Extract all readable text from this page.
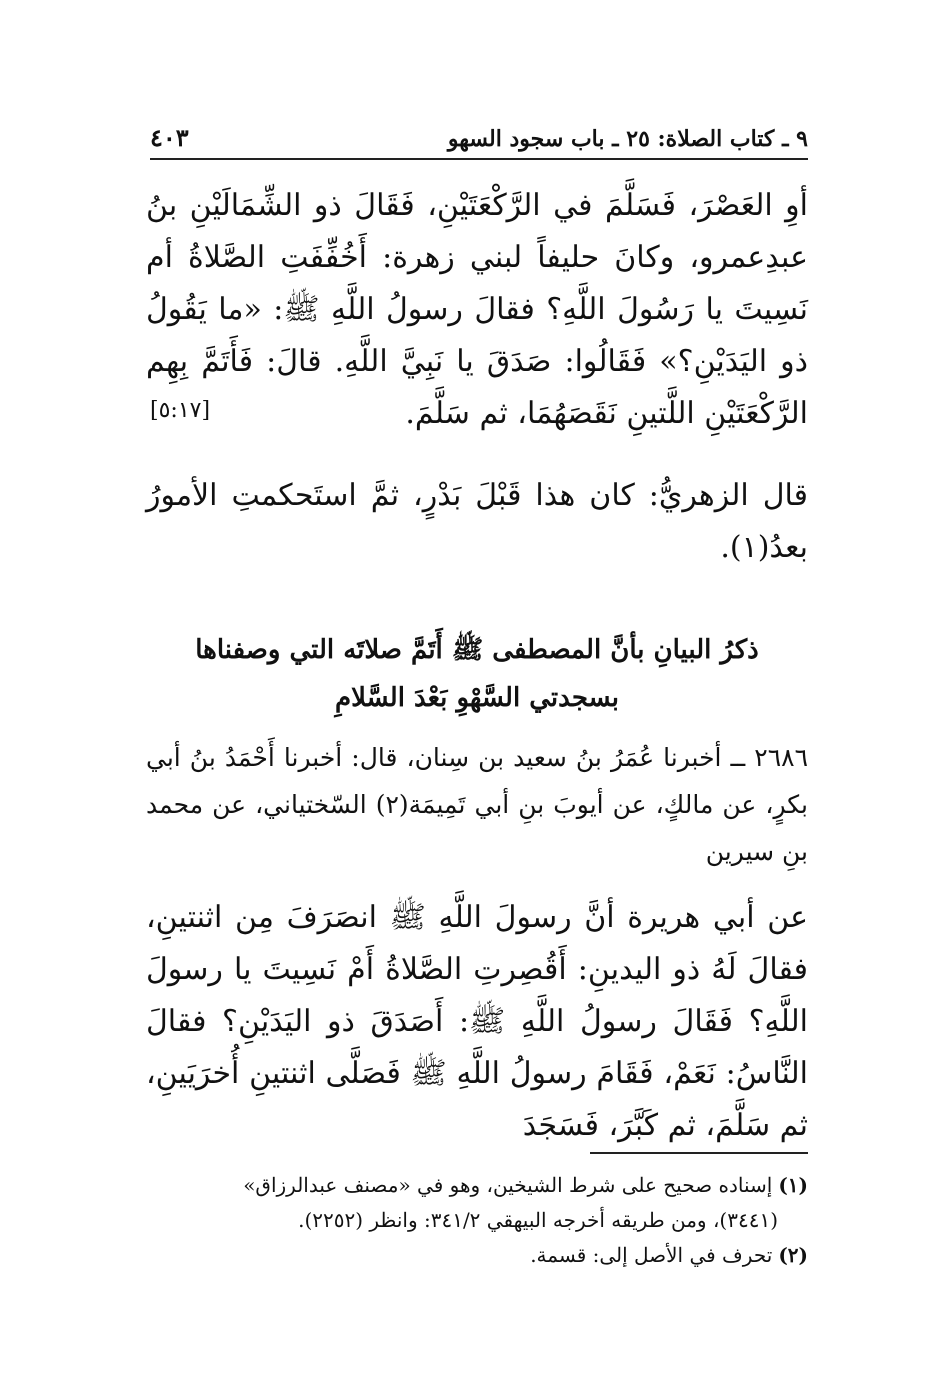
٤٠٣	٩ ـ كتاب الصلاة: ٢٥ ـ باب سجود السهو
أوِ العَصْرَ، فَسَلَّمَ في الرَّكْعَتَيْنِ، فَقَالَ ذو الشِّمَالَيْنِ بنُ عبدِعمرو، وكانَ حليفاً لبني زهرة: أَخُفِّفَتِ الصَّلاةُ أم نَسِيتَ يا رَسُولَ اللَّهِ؟ فقالَ رسولُ اللَّهِ ﷺ: «ما يَقُولُ ذو اليَدَيْنِ؟» فَقَالُوا: صَدَقَ يا نَبِيَّ اللَّهِ. قالَ: فَأَتَمَّ بِهِم الرَّكْعَتَيْنِ اللَّتينِ نَقَصَهُمَا، ثم سَلَّمَ.
[٥:١٧]
قال الزهريُّ: كان هذا قَبْلَ بَدْرٍ، ثمَّ استَحكمتِ الأمورُ بعدُ(١).
ذكرُ البيانِ بأنَّ المصطفى ﷺ أَتَمَّ صلاتَه التي وصفناها
بسجدتي السَّهْوِ بَعْدَ السَّلامِ
٢٦٨٦ ــ أخبرنا عُمَرُ بنُ سعيد بن سِنان، قال: أخبرنا أَحْمَدُ بنُ أبي بكرٍ، عن مالكٍ، عن أيوبَ بنِ أبي تَمِيمَة(٢) السّختياني، عن محمد بنِ سيرين
عن أبي هريرة أنَّ رسولَ اللَّهِ ﷺ انصَرَفَ مِن اثنتينِ، فقالَ لَهُ ذو اليدينِ: أَقُصِرتِ الصَّلاةُ أَمْ نَسِيتَ يا رسولَ اللَّهِ؟ فَقَالَ رسولُ اللَّهِ ﷺ: أَصَدَقَ ذو اليَدَيْنِ؟ فقالَ النَّاسُ: نَعَمْ، فَقَامَ رسولُ اللَّهِ ﷺ فَصَلَّى اثنتينِ أُخرَيَينِ، ثم سَلَّمَ، ثم كَبَّرَ، فَسَجَدَ
(١)إسناده صحيح على شرط الشيخين، وهو في «مصنف عبدالرزاق»
(٣٤٤١)، ومن طريقه أخرجه البيهقي ٣٤١/٢: وانظر (٢٢٥٢).
(٢)تحرف في الأصل إلى: قسمة.
